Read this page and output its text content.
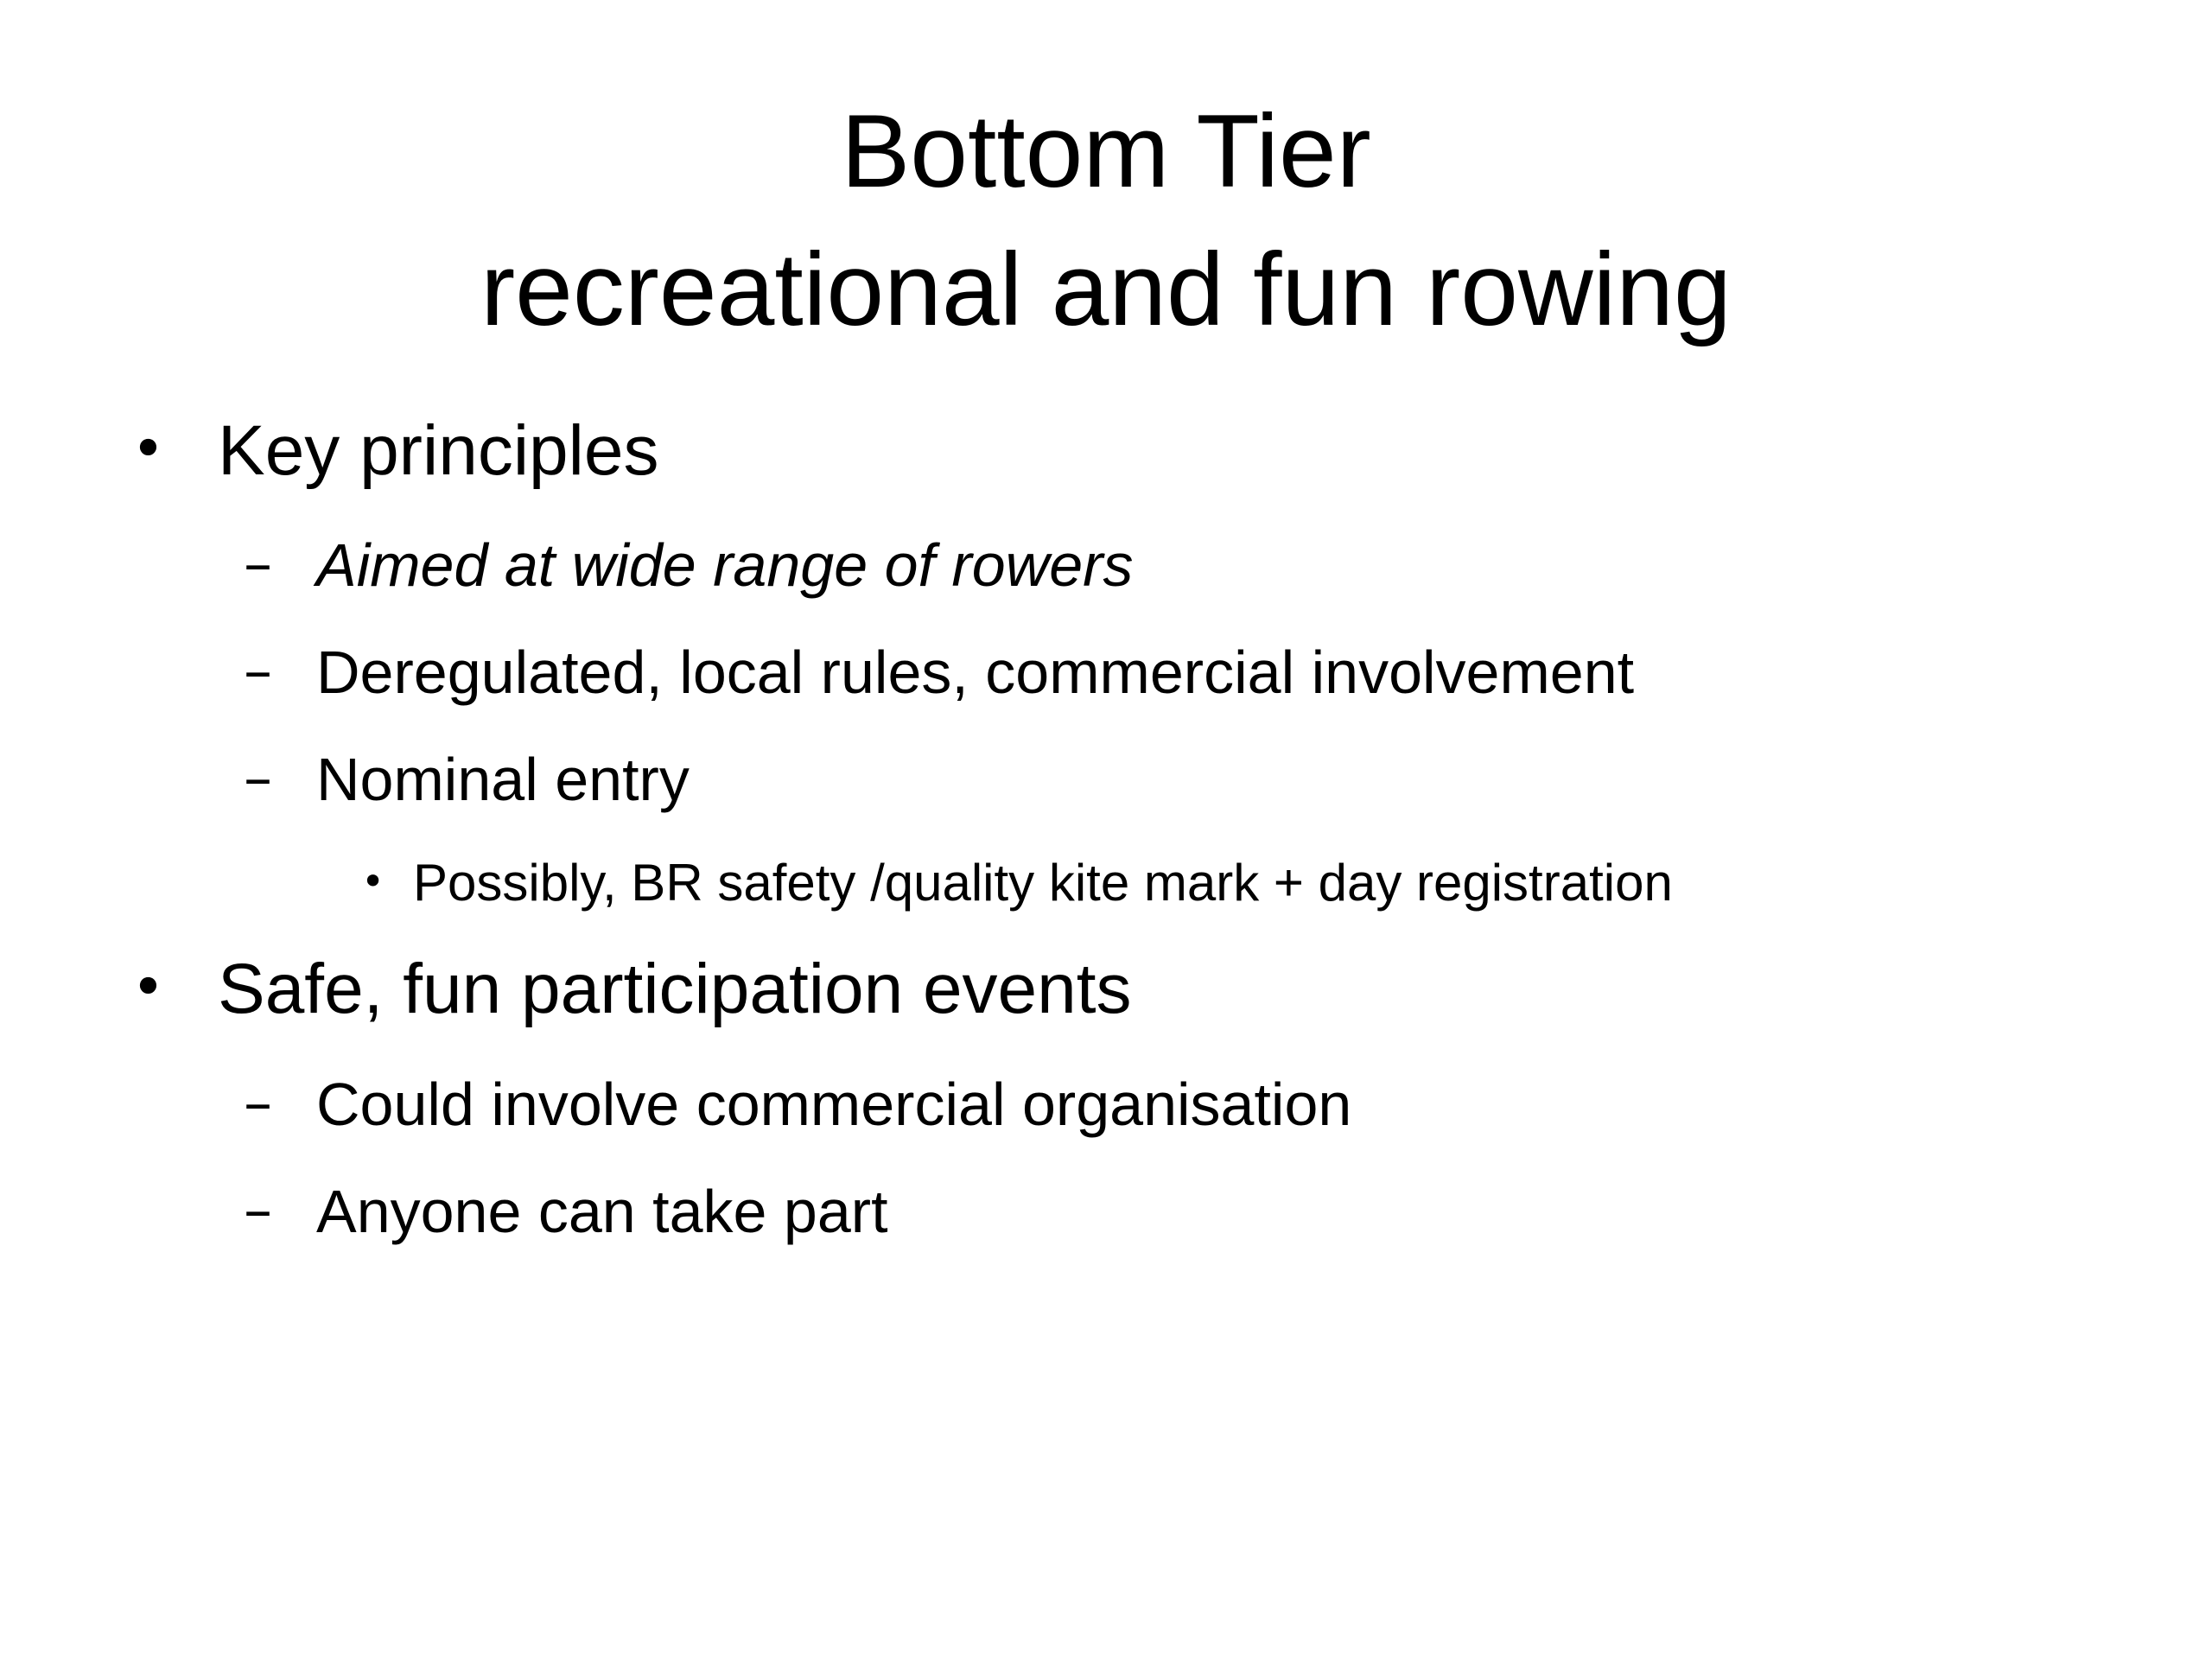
Bottom Tier
recreational and fun rowing
• Key principles
– Aimed at wide range of rowers
– Deregulated, local rules, commercial involvement
– Nominal entry
• Possibly, BR safety /quality kite mark + day registration
• Safe, fun participation events
– Could involve commercial organisation
– Anyone can take part
